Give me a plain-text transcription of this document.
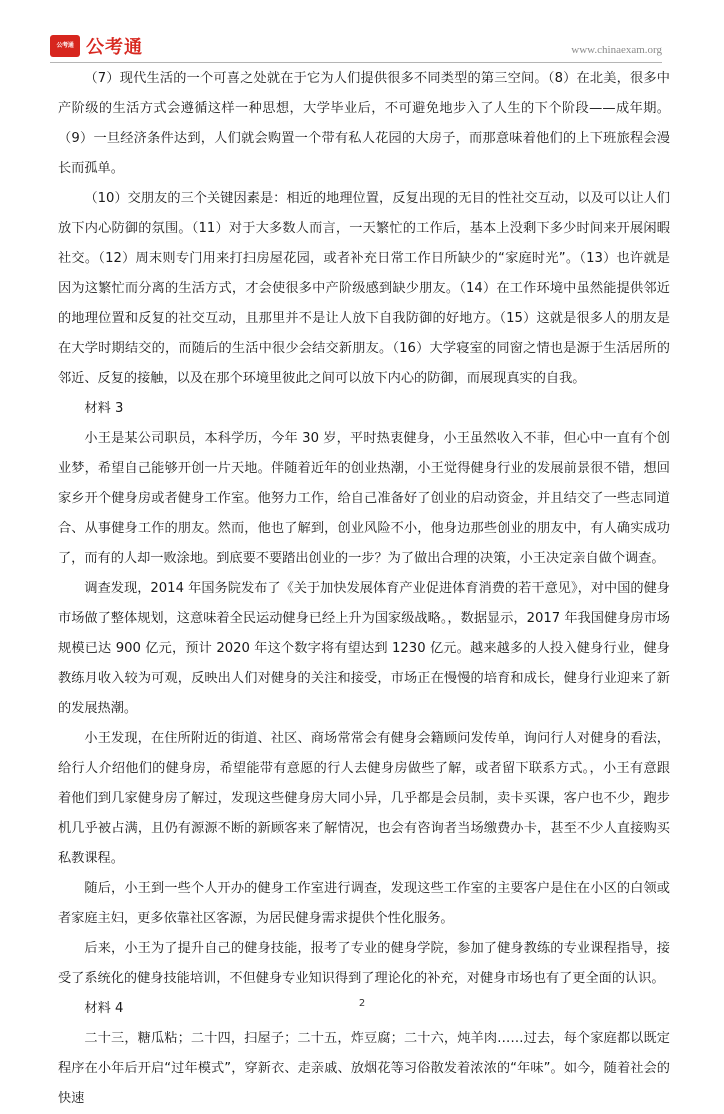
公考通 公考通	www.chinaexam.org

（7）现代生活的一个可喜之处就在于它为人们提供很多不同类型的第三空间。（8）在北美，很多中产阶级的生活方式会遵循这样一种思想，大学毕业后，不可避免地步入了人生的下个阶段——成年期。（9）一旦经济条件达到，人们就会购置一个带有私人花园的大房子，而那意味着他们的上下班旅程会漫长而孤单。

（10）交朋友的三个关键因素是：相近的地理位置，反复出现的无目的性社交互动，以及可以让人们放下内心防御的氛围。（11）对于大多数人而言，一天繁忙的工作后，基本上没剩下多少时间来开展闲暇社交。（12）周末则专门用来打扫房屋花园，或者补充日常工作日所缺少的“家庭时光”。（13）也许就是因为这繁忙而分离的生活方式，才会使很多中产阶级感到缺少朋友。（14）在工作环境中虽然能提供邻近的地理位置和反复的社交互动，且那里并不是让人放下自我防御的好地方。（15）这就是很多人的朋友是在大学时期结交的，而随后的生活中很少会结交新朋友。（16）大学寝室的同窗之情也是源于生活居所的邻近、反复的接触，以及在那个环境里彼此之间可以放下内心的防御，而展现真实的自我。

材料 3

小王是某公司职员，本科学历，今年 30 岁，平时热衷健身，小王虽然收入不菲，但心中一直有个创业梦，希望自己能够开创一片天地。伴随着近年的创业热潮，小王觉得健身行业的发展前景很不错，想回家乡开个健身房或者健身工作室。他努力工作，给自己准备好了创业的启动资金，并且结交了一些志同道合、从事健身工作的朋友。然而，他也了解到，创业风险不小，他身边那些创业的朋友中，有人确实成功了，而有的人却一败涂地。到底要不要踏出创业的一步？为了做出合理的决策，小王决定亲自做个调查。

调查发现，2014 年国务院发布了《关于加快发展体育产业促进体育消费的若干意见》，对中国的健身市场做了整体规划，这意味着全民运动健身已经上升为国家级战略。，数据显示，2017 年我国健身房市场规模已达 900 亿元，预计 2020 年这个数字将有望达到 1230 亿元。越来越多的人投入健身行业，健身教练月收入较为可观，反映出人们对健身的关注和接受，市场正在慢慢的培育和成长，健身行业迎来了新的发展热潮。

小王发现，在住所附近的街道、社区、商场常常会有健身会籍顾问发传单，询问行人对健身的看法，给行人介绍他们的健身房，希望能带有意愿的行人去健身房做些了解，或者留下联系方式。，小王有意跟着他们到几家健身房了解过，发现这些健身房大同小异，几乎都是会员制，卖卡买课，客户也不少，跑步机几乎被占满，且仍有源源不断的新顾客来了解情况，也会有咨询者当场缴费办卡，甚至不少人直接购买私教课程。

随后，小王到一些个人开办的健身工作室进行调查，发现这些工作室的主要客户是住在小区的白领或者家庭主妇，更多依靠社区客源，为居民健身需求提供个性化服务。

后来，小王为了提升自己的健身技能，报考了专业的健身学院，参加了健身教练的专业课程指导，接受了系统化的健身技能培训，不但健身专业知识得到了理论化的补充，对健身市场也有了更全面的认识。

材料 4

二十三，糖瓜粘；二十四，扫屋子；二十五，炸豆腐；二十六，炖羊肉……过去，每个家庭都以既定程序在小年后开启“过年模式”，穿新衣、走亲戚、放烟花等习俗散发着浓浓的“年味”。如今，随着社会的快速

2
